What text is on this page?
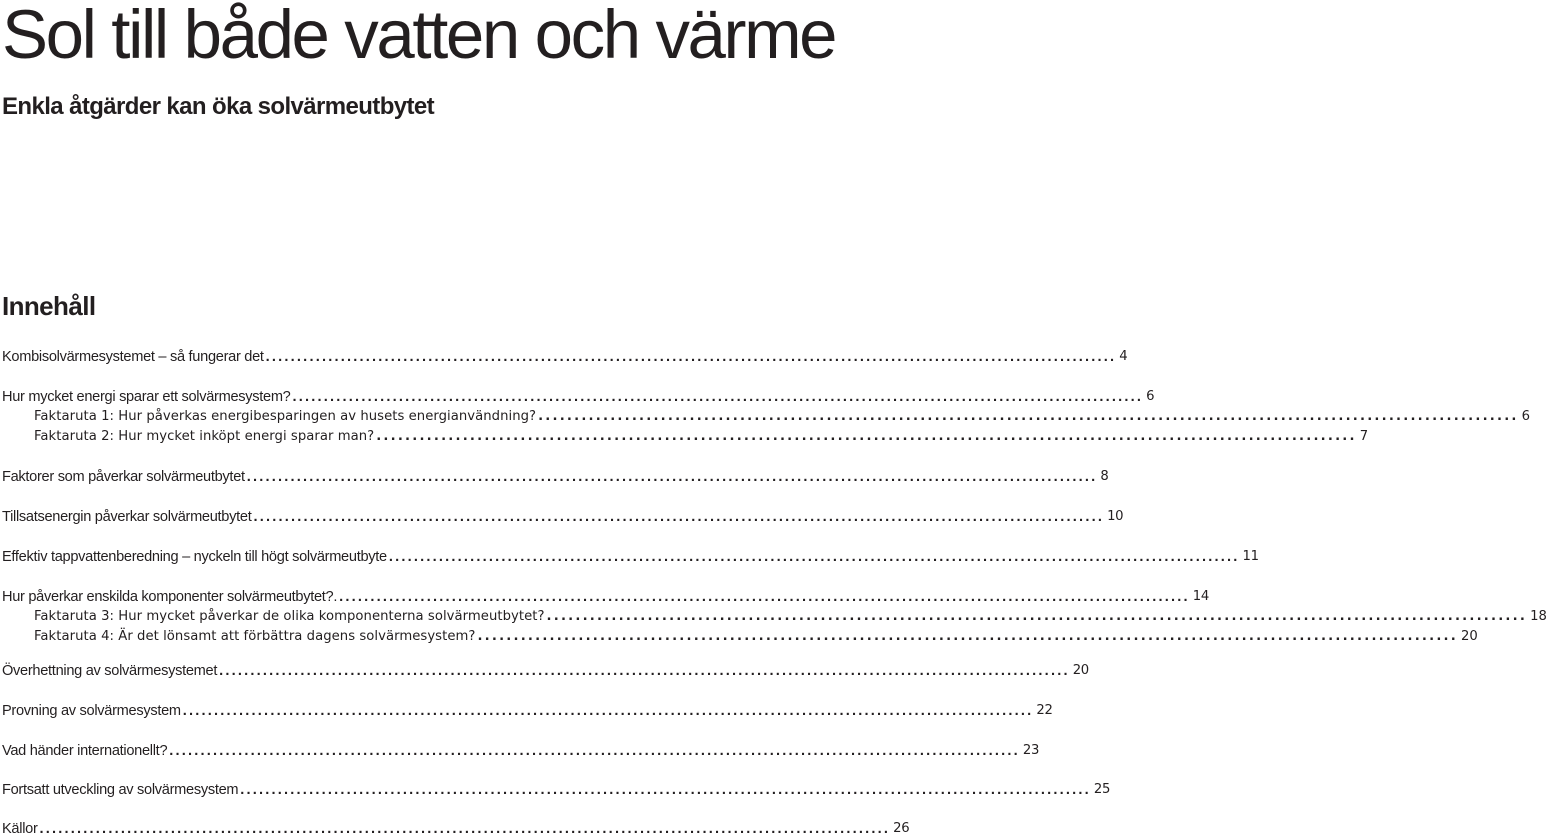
Sol till både vatten och värme
Enkla åtgärder kan öka solvärmeutbytet
Innehåll
Kombisolvärmesystemet – så fungerar det ........................................................................................................................................ 4
Hur mycket energi sparar ett solvärmesystem? ........................................................................................................................................ 6
Faktaruta 1: Hur påverkas energibesparingen av husets energianvändning? ........................................................................................................................................ 6
Faktaruta 2: Hur mycket inköpt energi sparar man? ........................................................................................................................................ 7
Faktorer som påverkar solvärmeutbytet ........................................................................................................................................ 8
Tillsatsenergin påverkar solvärmeutbytet ........................................................................................................................................ 10
Effektiv tappvattenberedning – nyckeln till högt solvärmeutbyte ........................................................................................................................................ 11
Hur påverkar enskilda komponenter solvärmeutbytet?. ........................................................................................................................................ 14
Faktaruta 3: Hur mycket påverkar de olika komponenterna solvärmeutbytet? ........................................................................................................................................ 18
Faktaruta 4: Är det lönsamt att förbättra dagens solvärmesystem? ........................................................................................................................................ 20
Överhettning av solvärmesystemet ........................................................................................................................................ 20
Provning av solvärmesystem ........................................................................................................................................ 22
Vad händer internationellt? ........................................................................................................................................ 23
Fortsatt utveckling av solvärmesystem ........................................................................................................................................ 25
Källor ........................................................................................................................................ 26
